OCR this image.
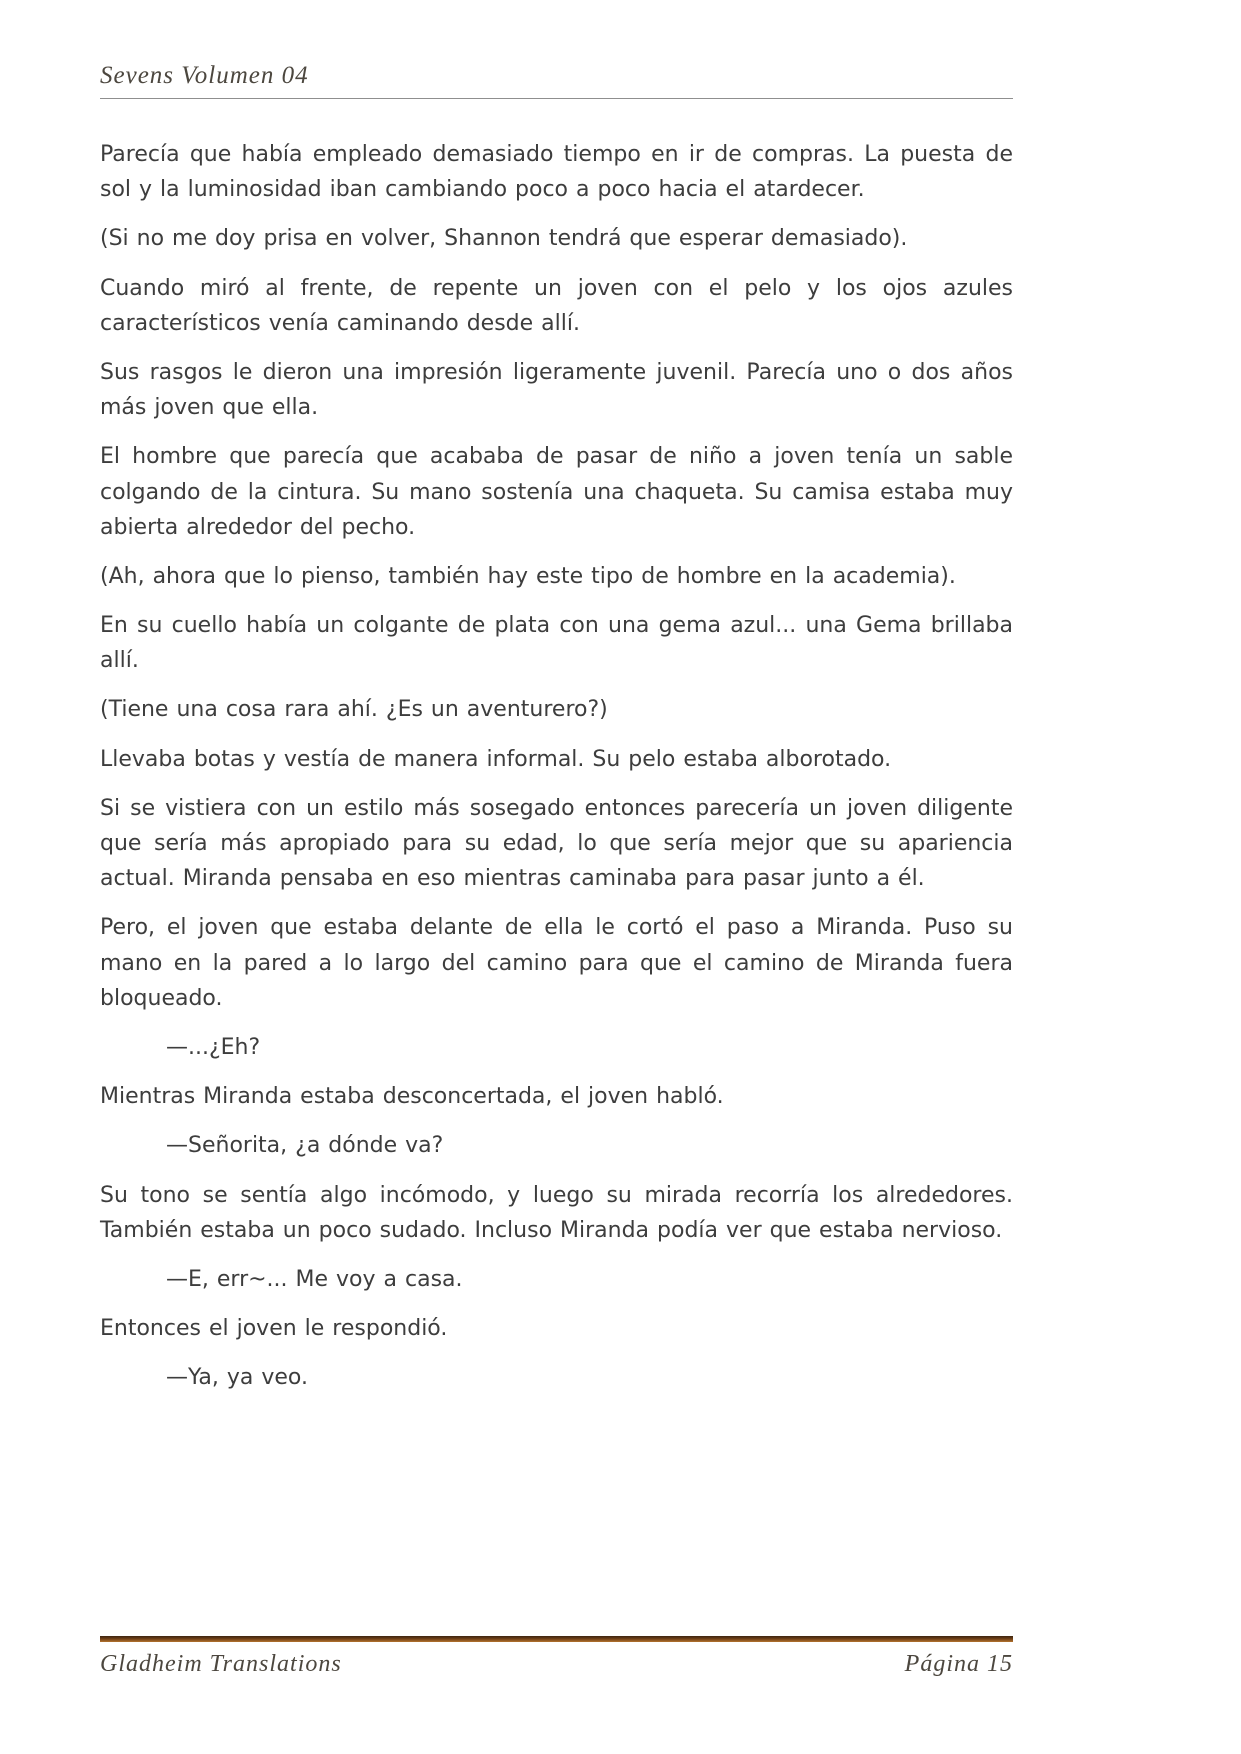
Sevens Volumen 04

Parecía que había empleado demasiado tiempo en ir de compras. La puesta de sol y la luminosidad iban cambiando poco a poco hacia el atardecer.

(Si no me doy prisa en volver, Shannon tendrá que esperar demasiado).

Cuando miró al frente, de repente un joven con el pelo y los ojos azules característicos venía caminando desde allí.

Sus rasgos le dieron una impresión ligeramente juvenil. Parecía uno o dos años más joven que ella.

El hombre que parecía que acababa de pasar de niño a joven tenía un sable colgando de la cintura. Su mano sostenía una chaqueta. Su camisa estaba muy abierta alrededor del pecho.

(Ah, ahora que lo pienso, también hay este tipo de hombre en la academia).

En su cuello había un colgante de plata con una gema azul... una Gema brillaba allí.

(Tiene una cosa rara ahí. ¿Es un aventurero?)

Llevaba botas y vestía de manera informal. Su pelo estaba alborotado.

Si se vistiera con un estilo más sosegado entonces parecería un joven diligente que sería más apropiado para su edad, lo que sería mejor que su apariencia actual. Miranda pensaba en eso mientras caminaba para pasar junto a él.

Pero, el joven que estaba delante de ella le cortó el paso a Miranda. Puso su mano en la pared a lo largo del camino para que el camino de Miranda fuera bloqueado.

—...¿Eh?

Mientras Miranda estaba desconcertada, el joven habló.

—Señorita, ¿a dónde va?

Su tono se sentía algo incómodo, y luego su mirada recorría los alrededores. También estaba un poco sudado. Incluso Miranda podía ver que estaba nervioso.

—E, err~... Me voy a casa.

Entonces el joven le respondió.

—Ya, ya veo.

Gladheim Translations	Página 15
